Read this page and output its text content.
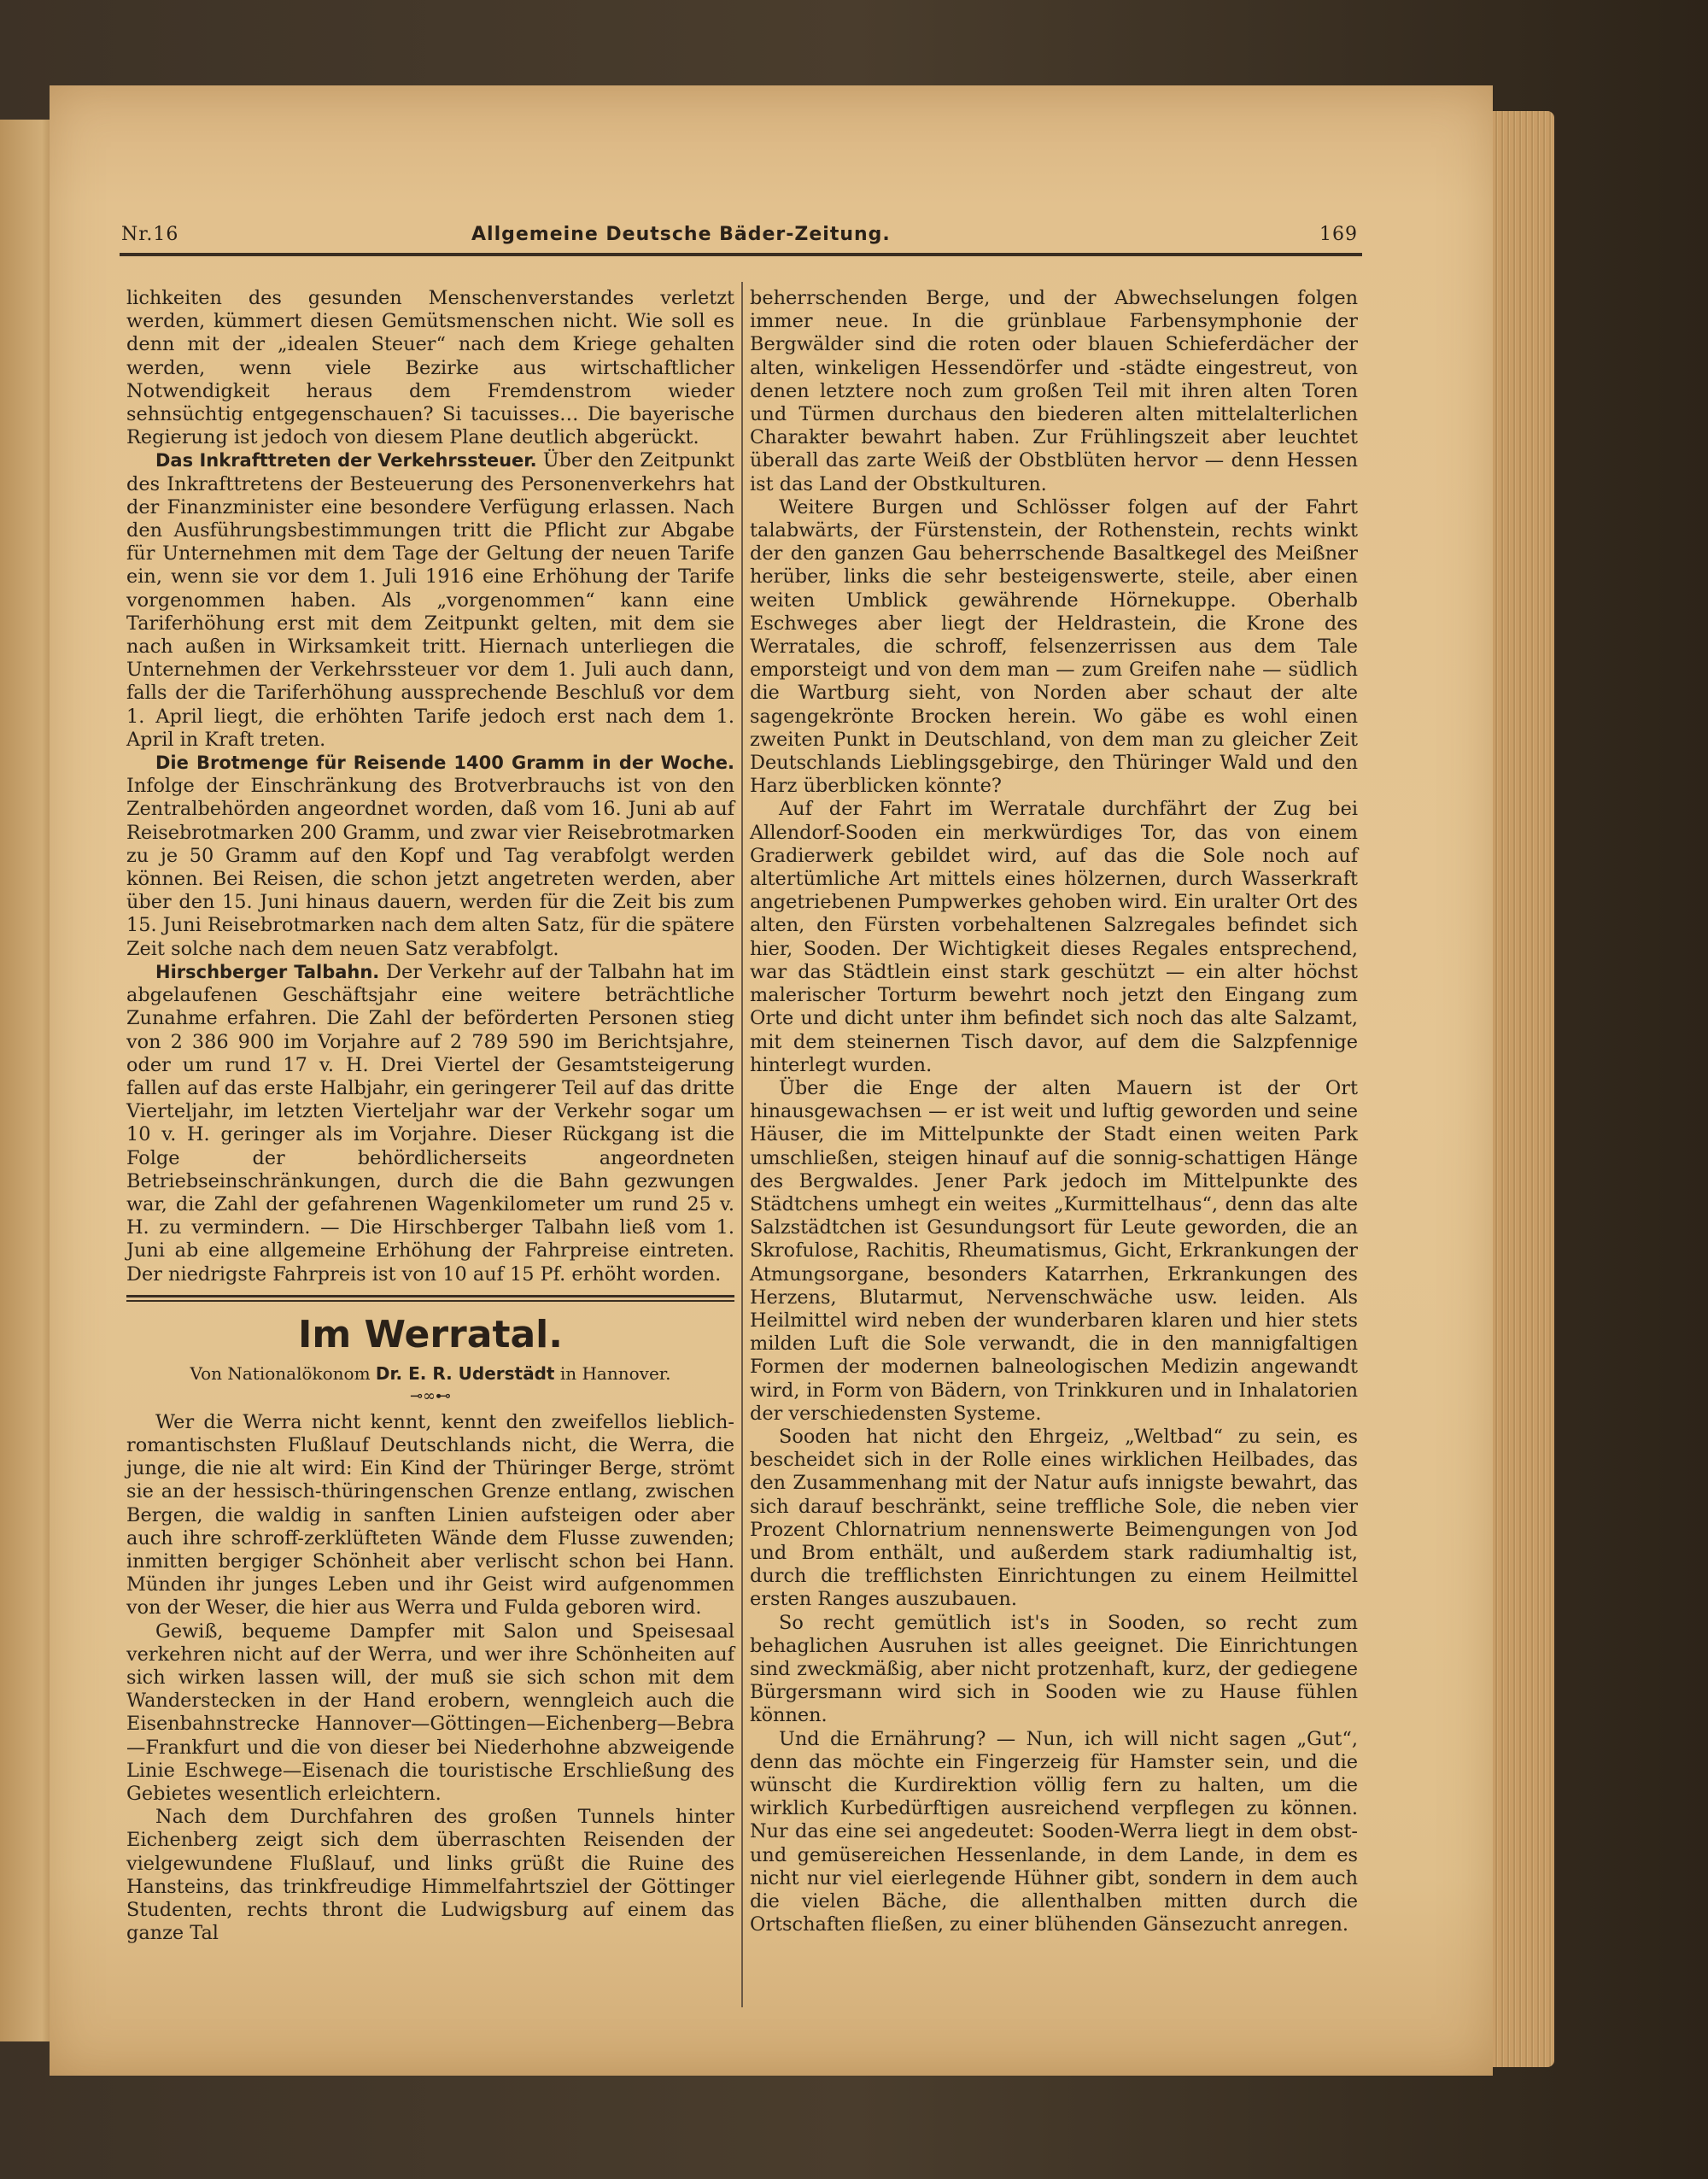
Nr.16	Allgemeine Deutsche Bäder-Zeitung.	169

lichkeiten des gesunden Menschenverstandes verletzt werden, kümmert diesen Gemütsmenschen nicht. Wie soll es denn mit der „idealen Steuer“ nach dem Kriege gehalten werden, wenn viele Bezirke aus wirtschaftlicher Notwendigkeit heraus dem Fremdenstrom wieder sehnsüchtig entgegenschauen? Si tacuisses… Die bayerische Regierung ist jedoch von diesem Plane deutlich abgerückt.

Das Inkrafttreten der Verkehrssteuer. Über den Zeitpunkt des Inkrafttretens der Besteuerung des Personenverkehrs hat der Finanzminister eine besondere Verfügung erlassen. Nach den Ausführungsbestimmungen tritt die Pflicht zur Abgabe für Unternehmen mit dem Tage der Geltung der neuen Tarife ein, wenn sie vor dem 1. Juli 1916 eine Erhöhung der Tarife vorgenommen haben. Als „vorgenommen“ kann eine Tariferhöhung erst mit dem Zeitpunkt gelten, mit dem sie nach außen in Wirksamkeit tritt. Hiernach unterliegen die Unternehmen der Verkehrssteuer vor dem 1. Juli auch dann, falls der die Tariferhöhung aussprechende Beschluß vor dem 1. April liegt, die erhöhten Tarife jedoch erst nach dem 1. April in Kraft treten.

Die Brotmenge für Reisende 1400 Gramm in der Woche. Infolge der Einschränkung des Brotverbrauchs ist von den Zentralbehörden angeordnet worden, daß vom 16. Juni ab auf Reisebrotmarken 200 Gramm, und zwar vier Reisebrotmarken zu je 50 Gramm auf den Kopf und Tag verabfolgt werden können. Bei Reisen, die schon jetzt angetreten werden, aber über den 15. Juni hinaus dauern, werden für die Zeit bis zum 15. Juni Reisebrotmarken nach dem alten Satz, für die spätere Zeit solche nach dem neuen Satz verabfolgt.

Hirschberger Talbahn. Der Verkehr auf der Talbahn hat im abgelaufenen Geschäftsjahr eine weitere beträchtliche Zunahme erfahren. Die Zahl der beförderten Personen stieg von 2 386 900 im Vorjahre auf 2 789 590 im Berichtsjahre, oder um rund 17 v. H. Drei Viertel der Gesamtsteigerung fallen auf das erste Halbjahr, ein geringerer Teil auf das dritte Vierteljahr, im letzten Vierteljahr war der Verkehr sogar um 10 v. H. geringer als im Vorjahre. Dieser Rückgang ist die Folge der behördlicherseits angeordneten Betriebseinschränkungen, durch die die Bahn gezwungen war, die Zahl der gefahrenen Wagenkilometer um rund 25 v. H. zu vermindern. — Die Hirschberger Talbahn ließ vom 1. Juni ab eine allgemeine Erhöhung der Fahrpreise eintreten. Der niedrigste Fahrpreis ist von 10 auf 15 Pf. erhöht worden.

Im Werratal.
Von Nationalökonom Dr. E. R. Uderstädt in Hannover.
⊸∞⊷

Wer die Werra nicht kennt, kennt den zweifellos lieblich-romantischsten Flußlauf Deutschlands nicht, die Werra, die junge, die nie alt wird: Ein Kind der Thüringer Berge, strömt sie an der hessisch-thüringenschen Grenze entlang, zwischen Bergen, die waldig in sanften Linien aufsteigen oder aber auch ihre schroff-zerklüfteten Wände dem Flusse zuwenden; inmitten bergiger Schönheit aber verlischt schon bei Hann. Münden ihr junges Leben und ihr Geist wird aufgenommen von der Weser, die hier aus Werra und Fulda geboren wird.

Gewiß, bequeme Dampfer mit Salon und Speisesaal verkehren nicht auf der Werra, und wer ihre Schönheiten auf sich wirken lassen will, der muß sie sich schon mit dem Wanderstecken in der Hand erobern, wenngleich auch die Eisenbahnstrecke Hannover—Göttingen—Eichenberg—Bebra —Frankfurt und die von dieser bei Niederhohne abzweigende Linie Eschwege—Eisenach die touristische Erschließung des Gebietes wesentlich erleichtern.

Nach dem Durchfahren des großen Tunnels hinter Eichenberg zeigt sich dem überraschten Reisenden der vielgewundene Flußlauf, und links grüßt die Ruine des Hansteins, das trinkfreudige Himmelfahrtsziel der Göttinger Studenten, rechts thront die Ludwigsburg auf einem das ganze Tal

beherrschenden Berge, und der Abwechselungen folgen immer neue. In die grünblaue Farbensymphonie der Bergwälder sind die roten oder blauen Schieferdächer der alten, winkeligen Hessendörfer und -städte eingestreut, von denen letztere noch zum großen Teil mit ihren alten Toren und Türmen durchaus den biederen alten mittelalterlichen Charakter bewahrt haben. Zur Frühlingszeit aber leuchtet überall das zarte Weiß der Obstblüten hervor — denn Hessen ist das Land der Obstkulturen.

Weitere Burgen und Schlösser folgen auf der Fahrt talabwärts, der Fürstenstein, der Rothenstein, rechts winkt der den ganzen Gau beherrschende Basaltkegel des Meißner herüber, links die sehr besteigenswerte, steile, aber einen weiten Umblick gewährende Hörnekuppe. Oberhalb Eschweges aber liegt der Heldrastein, die Krone des Werratales, die schroff, felsenzerrissen aus dem Tale emporsteigt und von dem man — zum Greifen nahe — südlich die Wartburg sieht, von Norden aber schaut der alte sagengekrönte Brocken herein. Wo gäbe es wohl einen zweiten Punkt in Deutschland, von dem man zu gleicher Zeit Deutschlands Lieblingsgebirge, den Thüringer Wald und den Harz überblicken könnte?

Auf der Fahrt im Werratale durchfährt der Zug bei Allendorf-Sooden ein merkwürdiges Tor, das von einem Gradierwerk gebildet wird, auf das die Sole noch auf altertümliche Art mittels eines hölzernen, durch Wasserkraft angetriebenen Pumpwerkes gehoben wird. Ein uralter Ort des alten, den Fürsten vorbehaltenen Salzregales befindet sich hier, Sooden. Der Wichtigkeit dieses Regales entsprechend, war das Städtlein einst stark geschützt — ein alter höchst malerischer Torturm bewehrt noch jetzt den Eingang zum Orte und dicht unter ihm befindet sich noch das alte Salzamt, mit dem steinernen Tisch davor, auf dem die Salzpfennige hinterlegt wurden.

Über die Enge der alten Mauern ist der Ort hinausgewachsen — er ist weit und luftig geworden und seine Häuser, die im Mittelpunkte der Stadt einen weiten Park umschließen, steigen hinauf auf die sonnig-schattigen Hänge des Bergwaldes. Jener Park jedoch im Mittelpunkte des Städtchens umhegt ein weites „Kurmittelhaus“, denn das alte Salzstädtchen ist Gesundungsort für Leute geworden, die an Skrofulose, Rachitis, Rheumatismus, Gicht, Erkrankungen der Atmungsorgane, besonders Katarrhen, Erkrankungen des Herzens, Blutarmut, Nervenschwäche usw. leiden. Als Heilmittel wird neben der wunderbaren klaren und hier stets milden Luft die Sole verwandt, die in den mannigfaltigen Formen der modernen balneologischen Medizin angewandt wird, in Form von Bädern, von Trinkkuren und in Inhalatorien der verschiedensten Systeme.

Sooden hat nicht den Ehrgeiz, „Weltbad“ zu sein, es bescheidet sich in der Rolle eines wirklichen Heilbades, das den Zusammenhang mit der Natur aufs innigste bewahrt, das sich darauf beschränkt, seine treffliche Sole, die neben vier Prozent Chlornatrium nennenswerte Beimengungen von Jod und Brom enthält, und außerdem stark radiumhaltig ist, durch die trefflichsten Einrichtungen zu einem Heilmittel ersten Ranges auszubauen.

So recht gemütlich ist's in Sooden, so recht zum behaglichen Ausruhen ist alles geeignet. Die Einrichtungen sind zweckmäßig, aber nicht protzenhaft, kurz, der gediegene Bürgersmann wird sich in Sooden wie zu Hause fühlen können.

Und die Ernährung? — Nun, ich will nicht sagen „Gut“, denn das möchte ein Fingerzeig für Hamster sein, und die wünscht die Kurdirektion völlig fern zu halten, um die wirklich Kurbedürftigen ausreichend verpflegen zu können. Nur das eine sei angedeutet: Sooden-Werra liegt in dem obst- und gemüsereichen Hessenlande, in dem Lande, in dem es nicht nur viel eierlegende Hühner gibt, sondern in dem auch die vielen Bäche, die allenthalben mitten durch die Ortschaften fließen, zu einer blühenden Gänsezucht anregen.
